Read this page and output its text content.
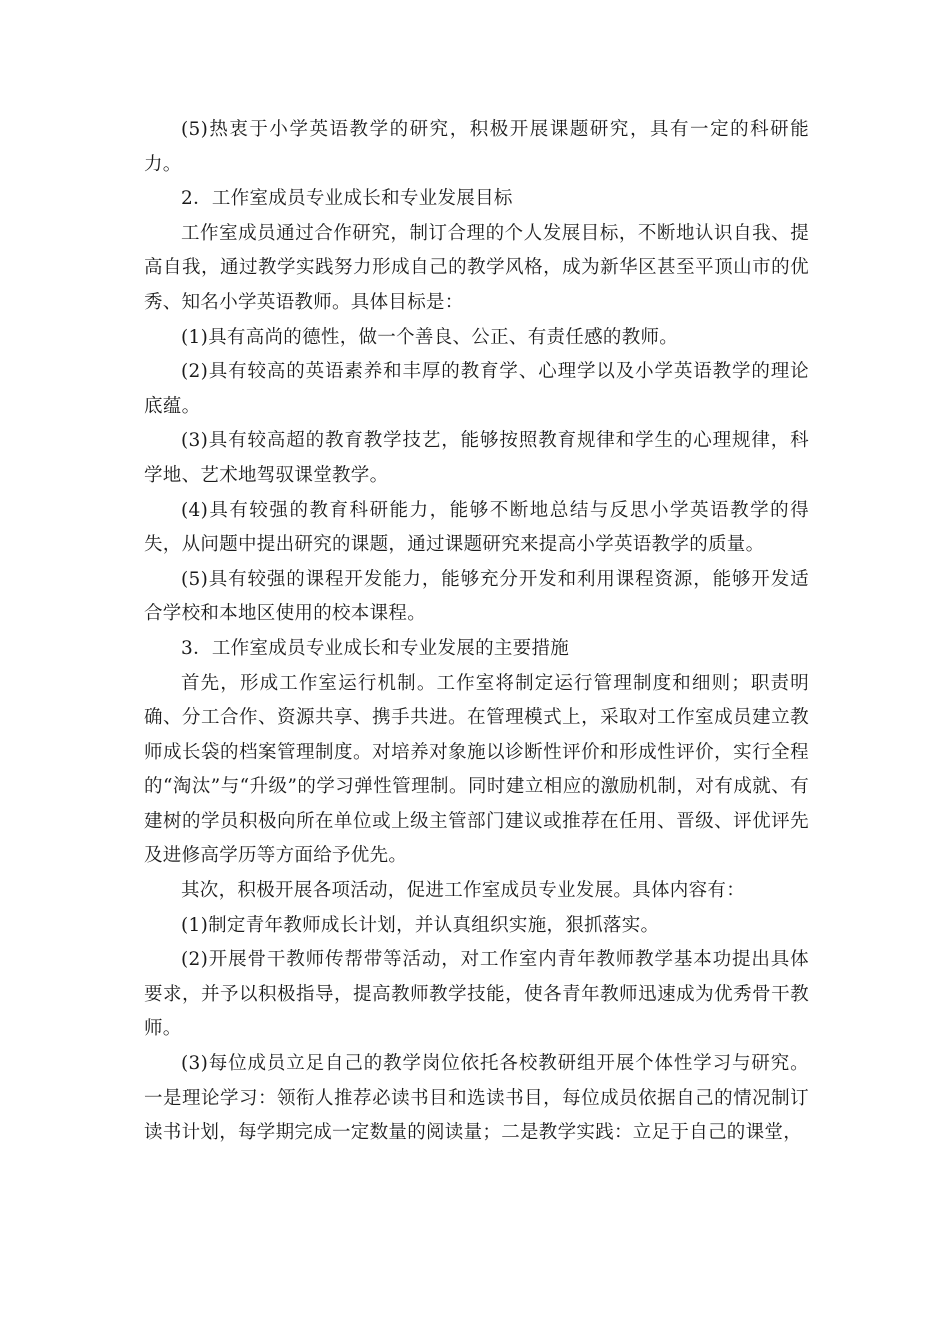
(5)热衷于小学英语教学的研究，积极开展课题研究，具有一定的科研能力。

2．工作室成员专业成长和专业发展目标

工作室成员通过合作研究，制订合理的个人发展目标，不断地认识自我、提高自我，通过教学实践努力形成自己的教学风格，成为新华区甚至平顶山市的优秀、知名小学英语教师。具体目标是：

(1)具有高尚的德性，做一个善良、公正、有责任感的教师。

(2)具有较高的英语素养和丰厚的教育学、心理学以及小学英语教学的理论底蕴。

(3)具有较高超的教育教学技艺，能够按照教育规律和学生的心理规律，科学地、艺术地驾驭课堂教学。

(4)具有较强的教育科研能力，能够不断地总结与反思小学英语教学的得失，从问题中提出研究的课题，通过课题研究来提高小学英语教学的质量。

(5)具有较强的课程开发能力，能够充分开发和利用课程资源，能够开发适合学校和本地区使用的校本课程。

3．工作室成员专业成长和专业发展的主要措施

首先，形成工作室运行机制。工作室将制定运行管理制度和细则；职责明确、分工合作、资源共享、携手共进。在管理模式上，采取对工作室成员建立教师成长袋的档案管理制度。对培养对象施以诊断性评价和形成性评价，实行全程的“淘汰”与“升级”的学习弹性管理制。同时建立相应的激励机制，对有成就、有建树的学员积极向所在单位或上级主管部门建议或推荐在任用、晋级、评优评先及进修高学历等方面给予优先。

其次，积极开展各项活动，促进工作室成员专业发展。具体内容有：

(1)制定青年教师成长计划，并认真组织实施，狠抓落实。

(2)开展骨干教师传帮带等活动，对工作室内青年教师教学基本功提出具体要求，并予以积极指导，提高教师教学技能，使各青年教师迅速成为优秀骨干教师。

(3)每位成员立足自己的教学岗位依托各校教研组开展个体性学习与研究。一是理论学习：领衔人推荐必读书目和选读书目，每位成员依据自己的情况制订读书计划，每学期完成一定数量的阅读量；二是教学实践：立足于自己的课堂，
